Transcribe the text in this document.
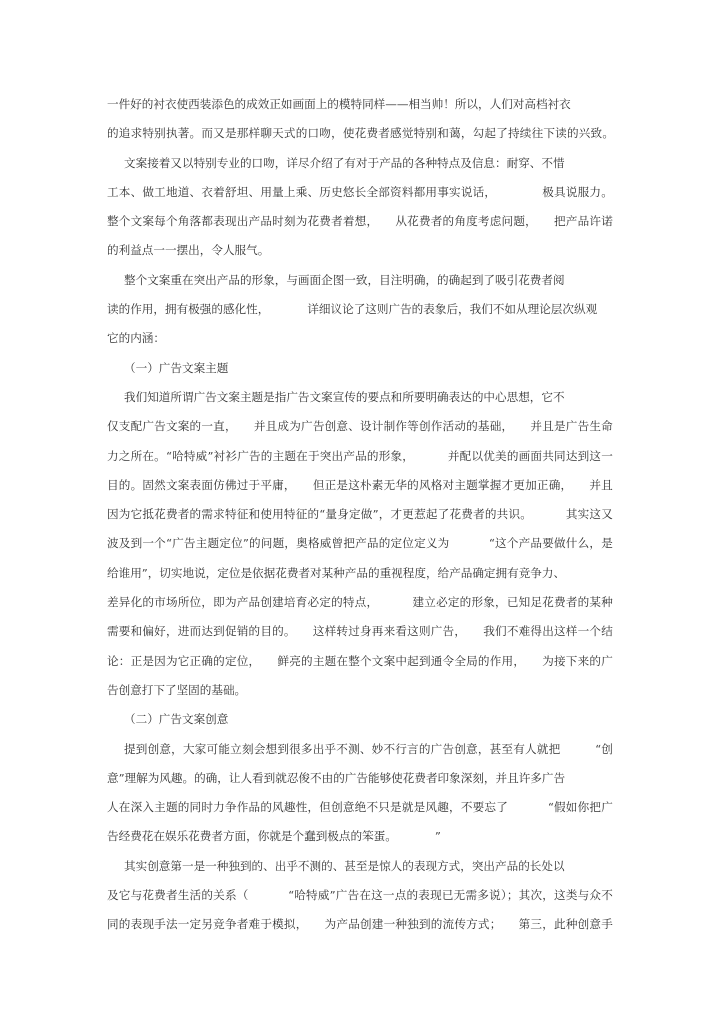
一件好的衬衣使西装添色的成效正如画面上的模特同样——相当帅！所以，人们对高档衬衣
的追求特别执著。而又是那样聊天式的口吻，使花费者感觉特别和蔼，勾起了持续往下读的兴致。
文案接着又以特别专业的口吻，详尽介绍了有对于产品的各种特点及信息：耐穿、不惜
工本、做工地道、衣着舒坦、用量上乘、历史悠长全部资料都用事实说话，	极具说服力。
整个文案每个角落都表现出产品时刻为花费者着想， 从花费者的角度考虑问题， 把产品许诺
的利益点一一摆出，令人服气。
整个文案重在突出产品的形象，与画面企图一致，目注明确，的确起到了吸引花费者阅
读的作用，拥有极强的感化性，	详细议论了这则广告的表象后，我们不如从理论层次纵观
它的内涵：
（一）广告文案主题
我们知道所谓广告文案主题是指广告文案宣传的要点和所要明确表达的中心思想，它不
仅支配广告文案的一直， 并且成为广告创意、设计制作等创作活动的基础， 并且是广告生命
力之所在。“哈特威”衬衫广告的主题在于突出产品的形象，	并配以优美的画面共同达到这一
目的。固然文案表面仿佛过于平庸， 但正是这朴素无华的风格对主题掌握才更加正确， 并且
因为它抵花费者的需求特征和使用特征的“量身定做”，才更惹起了花费者的共识。	其实这又
波及到一个“广告主题定位”的问题，奥格威曾把产品的定位定义为	“这个产品要做什么，是
给谁用”，切实地说，定位是依据花费者对某种产品的重视程度，给产品确定拥有竞争力、
差异化的市场所位，即为产品创建培育必定的特点，	建立必定的形象，已知足花费者的某种
需要和偏好，进而达到促销的目的。 这样转过身再来看这则广告， 我们不难得出这样一个结
论：正是因为它正确的定位， 鲜亮的主题在整个文案中起到通令全局的作用， 为接下来的广
告创意打下了坚固的基础。
（二）广告文案创意
提到创意，大家可能立刻会想到很多出乎不测、妙不行言的广告创意，甚至有人就把	“创
意”理解为风趣。的确，让人看到就忍俊不由的广告能够使花费者印象深刻，并且许多广告
人在深入主题的同时力争作品的风趣性，但创意绝不只是就是风趣，不要忘了	“假如你把广
告经费花在娱乐花费者方面，你就是个蠢到极点的笨蛋。	”
其实创意第一是一种独到的、出乎不测的、甚至是惊人的表现方式，突出产品的长处以
及它与花费者生活的关系（	“哈特威”广告在这一点的表现已无需多说）；其次，这类与众不
同的表现手法一定另竞争者难于模拟， 为产品创建一种独到的流传方式； 第三，此种创意手
